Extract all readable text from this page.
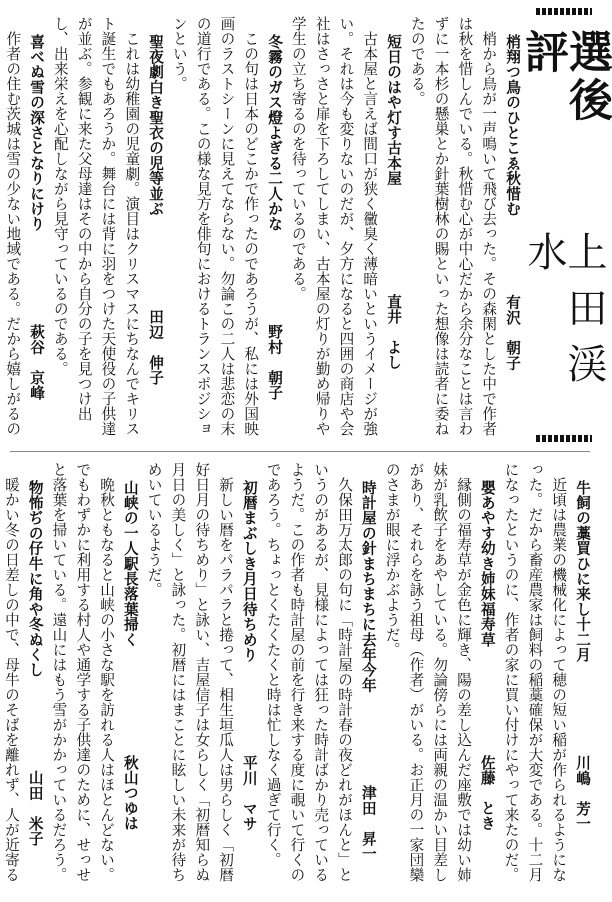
選後評
上田渓水
梢翔つ鳥のひとこゑ秋惜む有沢　朝子
梢から鳥が一声鳴いて飛び去った。その森閑とした中で作者は秋を惜しんでいる。秋惜む心が中心だから余分なことは言わずに一本杉の懸巣とか針葉樹林の賜といった想像は読者に委ねたのである。
短日のはや灯す古本屋直井　よし
古本屋と言えば間口が狭く黴臭く薄暗いというイメージが強い。それは今も変りないのだが、夕方になると四囲の商店や会社はさっさと扉を下ろしてしまい、古本屋の灯りが勤め帰りや学生の立ち寄るのを待っているのである。
冬霧のガス燈よぎる二人かな野村　朝子
この句は日本のどこかで作ったのであろうが、私には外国映画のラストシーンに見えてならない。勿論この二人は悲恋の末の道行である。この様な見方を俳句におけるトランスポジションという。
聖夜劇白き聖衣の児等並ぶ田辺　伸子
これは幼稚園の児童劇。演目はクリスマスにちなんでキリスト誕生でもあろうか。舞台には背に羽をつけた天使役の子供達が並ぶ。参観に来た父母達はその中から自分の子を見つけ出し、出来栄えを心配しながら見守っているのである。
喜べぬ雪の深さとなりにけり萩谷　京峰
作者の住む茨城は雪の少ない地域である。だから嬉しがるの
牛飼の藁買ひに来し十二月川嶋　芳一
近頃は農業の機械化によって穂の短い稲が作られるようになった。だから畜産農家は飼料の稲藁確保が大変である。十二月になったというのに、作者の家に買い付けにやって来たのだ。
嬰あやす幼き姉妹福寿草佐藤　とき
縁側の福寿草が金色に輝き、陽の差し込んだ座敷では幼い姉妹が乳飲子をあやしている。勿論傍らには両親の温かい目差しがあり、それらを詠う祖母（作者）がいる。お正月の一家団欒のさまが眼に浮かぶようだ。
時計屋の針まちまちに去年今年津田　昇一
久保田万太郎の句に「時計屋の時計春の夜どれがほんと」というのがあるが、見様によっては狂った時計ばかり売っているようだ。この作者も時計屋の前を行き来する度に覗いて行くのであろう。ちょっとくたくたくと時は忙しなく過ぎて行く。
初暦まぶしき月日待ちめり平川　マサ
新しい暦をパラパラと捲って、相生垣瓜人は男らしく「初暦好日月の待ちめり」と詠い、吉屋信子は女らしく「初暦知らぬ月日の美しく」と詠った。初暦にはまことに眩しい未来が待ちめいているようだ。
山峡の一人駅長落葉掃く秋山つゆは
晩秋ともなると山峡の小さな駅を訪れる人はほとんどない。でもわずかに利用する村人や通学する子供達のために、せっせと落葉を掃いている。遠山にはもう雪がかかっているだろう。
物怖ぢの仔牛に角や冬ぬくし山田　米子
暖かい冬の日差しの中で、母牛のそばを離れず、人が近寄る
